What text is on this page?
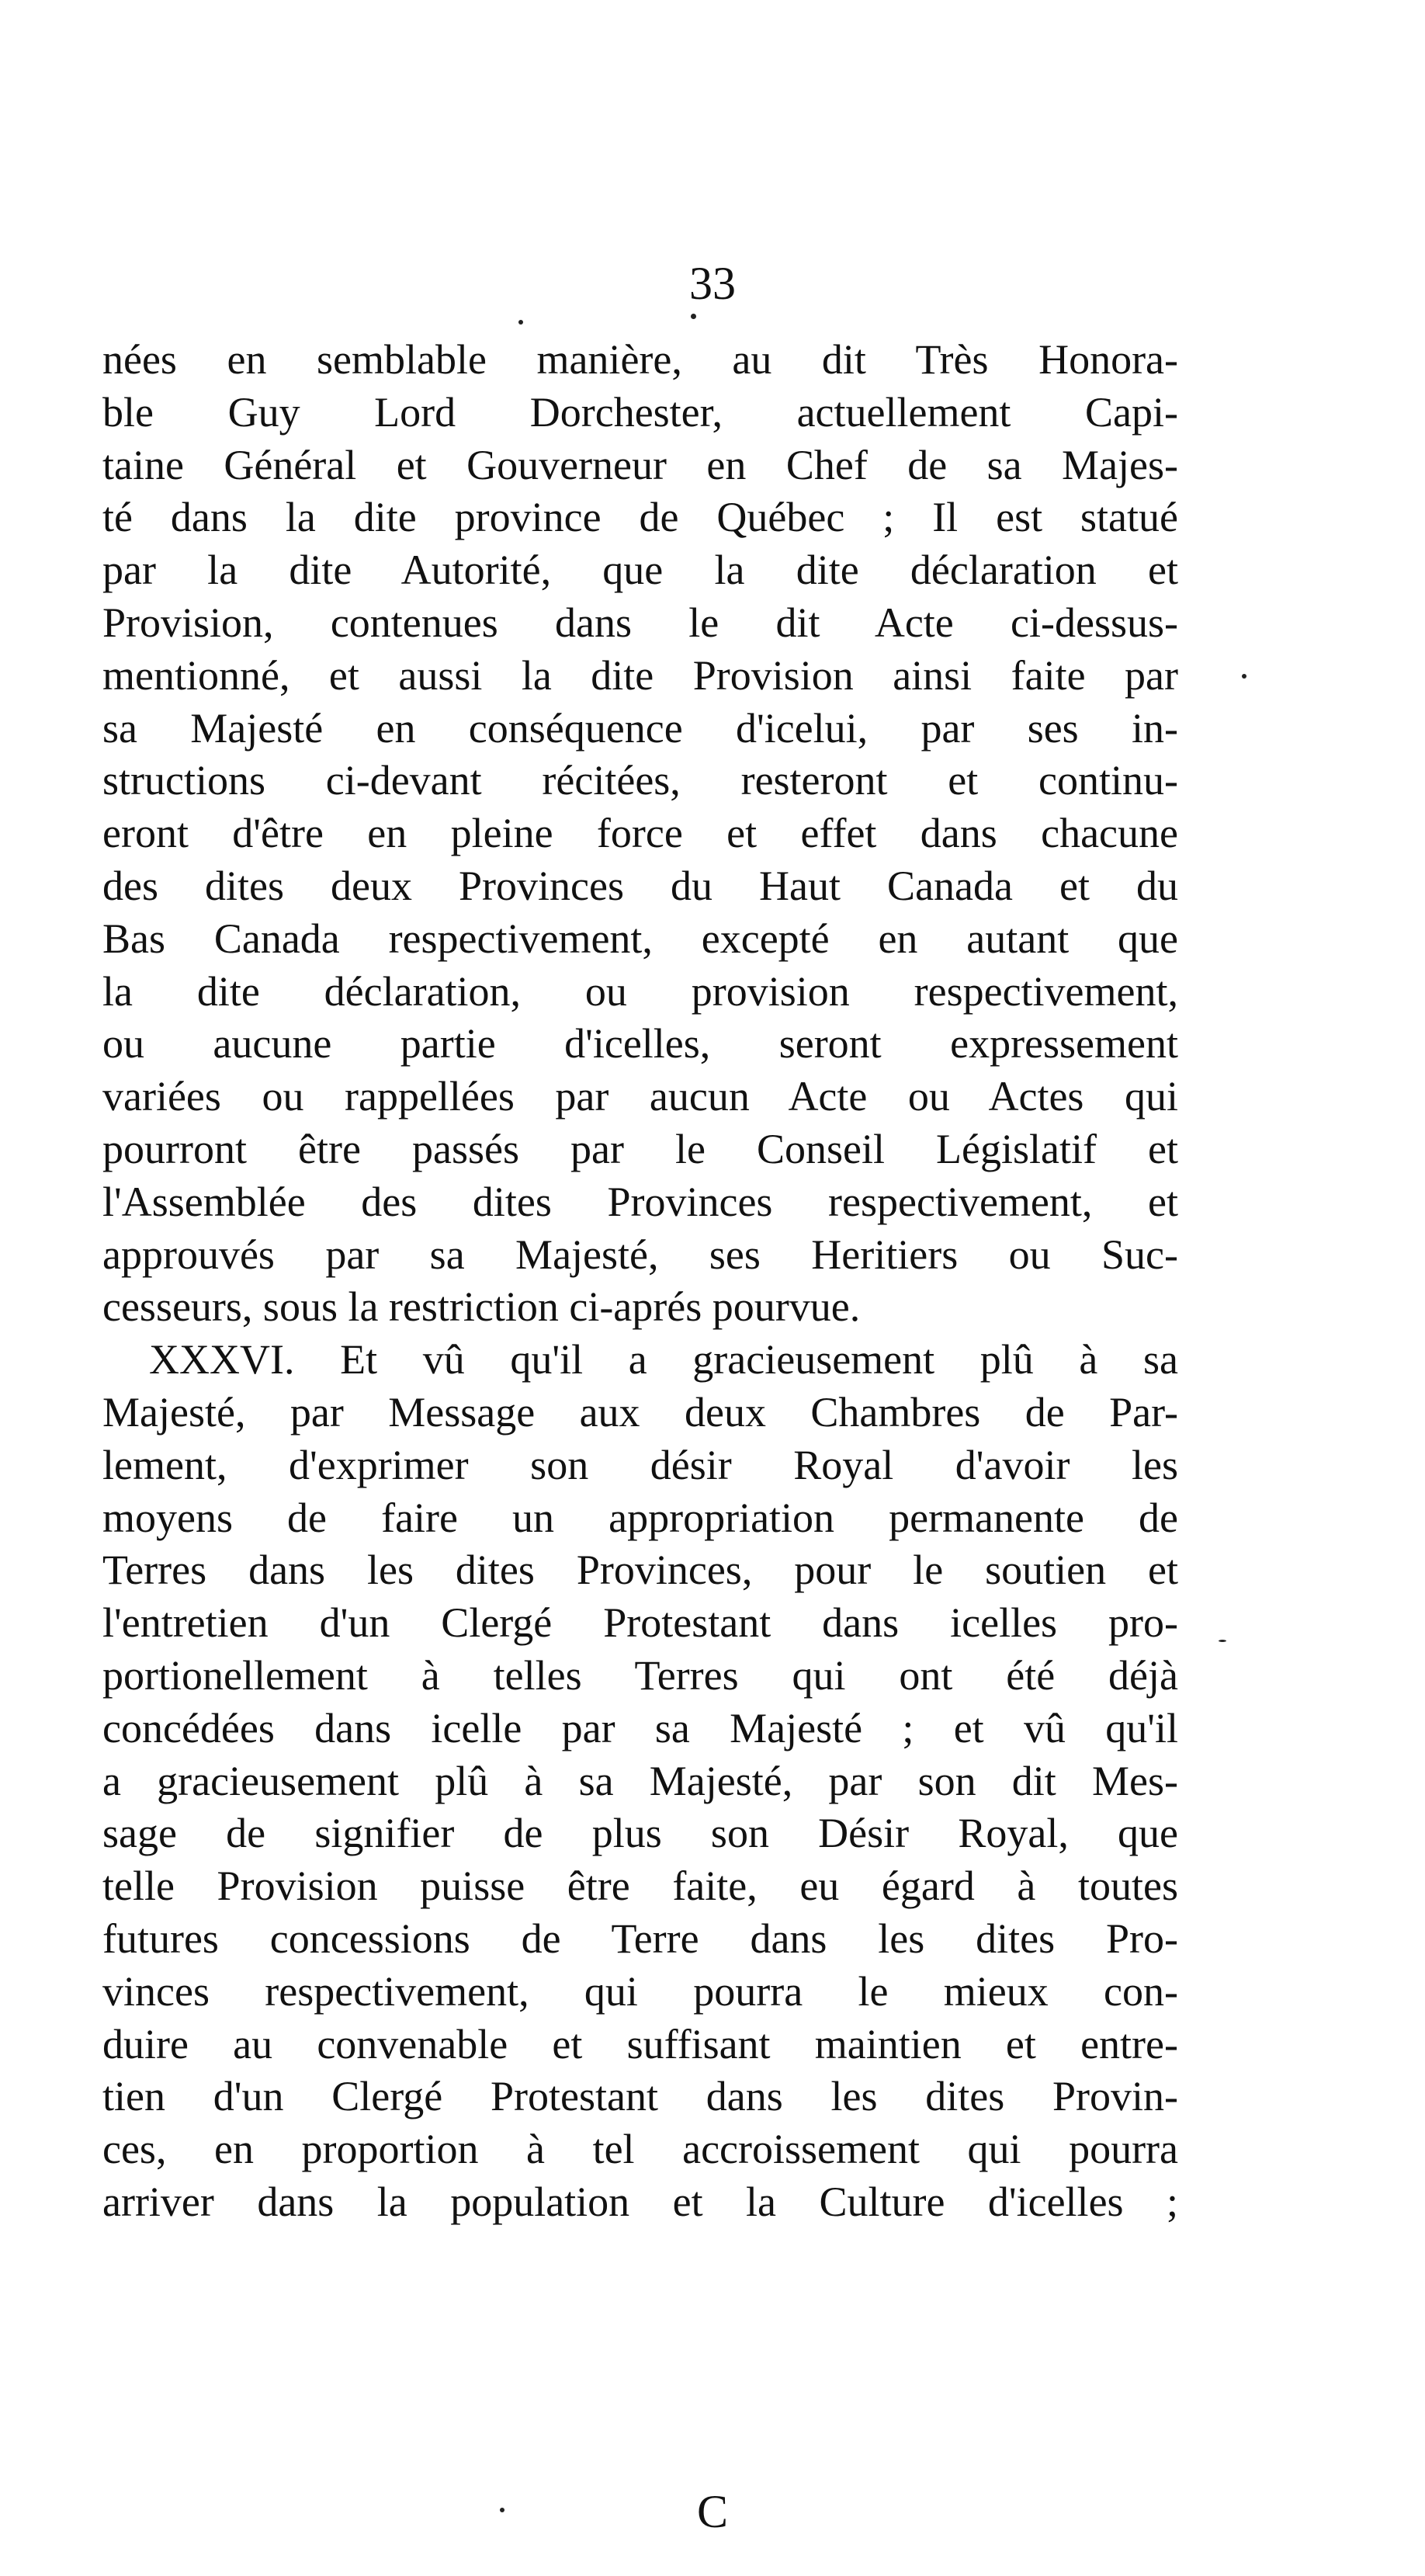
33
nées en semblable manière, au dit Très Honora-
ble Guy Lord Dorchester, actuellement Capi-
taine Général et Gouverneur en Chef de sa Majes-
té dans la dite province de Québec ; Il est statué
par la dite Autorité, que la dite déclaration et
Provision, contenues dans le dit Acte ci-dessus-
mentionné, et aussi la dite Provision ainsi faite par
sa Majesté en conséquence d'icelui, par ses in-
structions ci-devant récitées, resteront et continu-
eront d'être en pleine force et effet dans chacune
des dites deux Provinces du Haut Canada et du
Bas Canada respectivement, excepté en autant que
la dite déclaration, ou provision respectivement,
ou aucune partie d'icelles, seront expressement
variées ou rappellées par aucun Acte ou Actes qui
pourront être passés par le Conseil Législatif et
l'Assemblée des dites Provinces respectivement, et
approuvés par sa Majesté, ses Heritiers ou Suc-
cesseurs, sous la restriction ci-aprés pourvue.
XXXVI. Et vû qu'il a gracieusement plû à sa
Majesté, par Message aux deux Chambres de Par-
lement, d'exprimer son désir Royal d'avoir les
moyens de faire un appropriation permanente de
Terres dans les dites Provinces, pour le soutien et
l'entretien d'un Clergé Protestant dans icelles pro-
portionellement à telles Terres qui ont été déjà
concédées dans icelle par sa Majesté ; et vû qu'il
a gracieusement plû à sa Majesté, par son dit Mes-
sage de signifier de plus son Désir Royal, que
telle Provision puisse être faite, eu égard à toutes
futures concessions de Terre dans les dites Pro-
vinces respectivement, qui pourra le mieux con-
duire au convenable et suffisant maintien et entre-
tien d'un Clergé Protestant dans les dites Provin-
ces, en proportion à tel accroissement qui pourra
arriver dans la population et la Culture d'icelles ;
C
